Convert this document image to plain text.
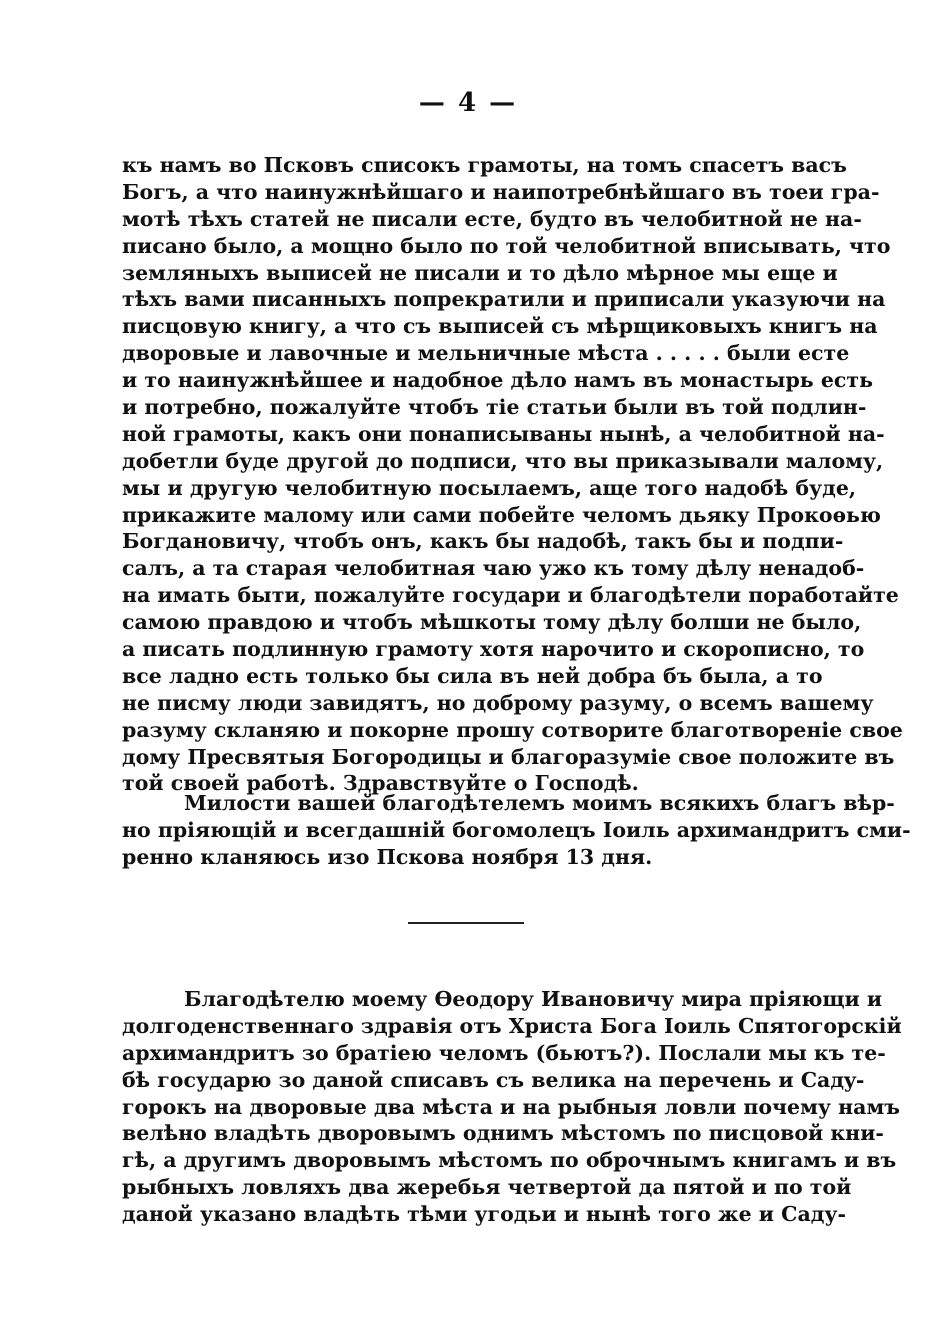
— 4 —
къ намъ во Псковъ списокъ грамоты, на томъ спасетъ васъ
Богъ, а что наинужнѣйшаго и наипотребнѣйшаго въ тоеи гра-
мотѣ тѣхъ статей не писали есте, будто въ челобитной не на-
писано было, а мощно было по той челобитной вписывать, что
земляныхъ выписей не писали и то дѣло мѣрное мы еще и
тѣхъ вами писанныхъ попрекратили и приписали указуючи на
писцовую книгу, а что съ выписей съ мѣрщиковыхъ книгъ на
дворовые и лавочные и мельничные мѣста . . . . . были есте
и то наинужнѣйшее и надобное дѣло намъ въ монастырь есть
и потребно, пожалуйте чтобъ тіе статьи были въ той подлин-
ной грамоты, какъ они понаписываны нынѣ, а челобитной на-
добетли буде другой до подписи, что вы приказывали малому,
мы и другую челобитную посылаемъ, аще того надобѣ буде,
прикажите малому или сами побейте челомъ дьяку Прокоѳью
Богдановичу, чтобъ онъ, какъ бы надобѣ, такъ бы и подпи-
салъ, а та старая челобитная чаю ужо къ тому дѣлу ненадоб-
на имать быти, пожалуйте государи и благодѣтели поработайте
самою правдою и чтобъ мѣшкоты тому дѣлу болши не было,
а писать подлинную грамоту хотя нарочито и скорописно, то
все ладно есть только бы сила въ ней добра бъ была, а то
не писму люди завидятъ, но доброму разуму, о всемъ вашему
разуму скланяю и покорне прошу сотворите благотвореніе свое
дому Пресвятыя Богородицы и благоразуміе свое положите въ
той своей работѣ. Здравствуйте о Господѣ.
Милости вашей благодѣтелемъ моимъ всякихъ благъ вѣр-
но пріяющій и всегдашній богомолецъ Іоиль архимандритъ сми-
ренно кланяюсь изо Пскова ноября 13 дня.
Благодѣтелю моему Ѳеодору Ивановичу мира пріяющи и
долгоденственнаго здравія отъ Христа Бога Іоиль Спятогорскій
архимандритъ зо братіею челомъ (бьютъ?). Послали мы къ те-
бѣ государю зо даной списавъ съ велика на перечень и Садy-
горокъ на дворовые два мѣста и на рыбныя ловли почему намъ
велѣно владѣть дворовымъ однимъ мѣстомъ по писцовой кни-
гѣ, а другимъ дворовымъ мѣстомъ по оброчнымъ книгамъ и въ
рыбныхъ ловляхъ два жеребья четвертой да пятой и по той
даной указано владѣть тѣми угодьи и нынѣ того же и Саду-
